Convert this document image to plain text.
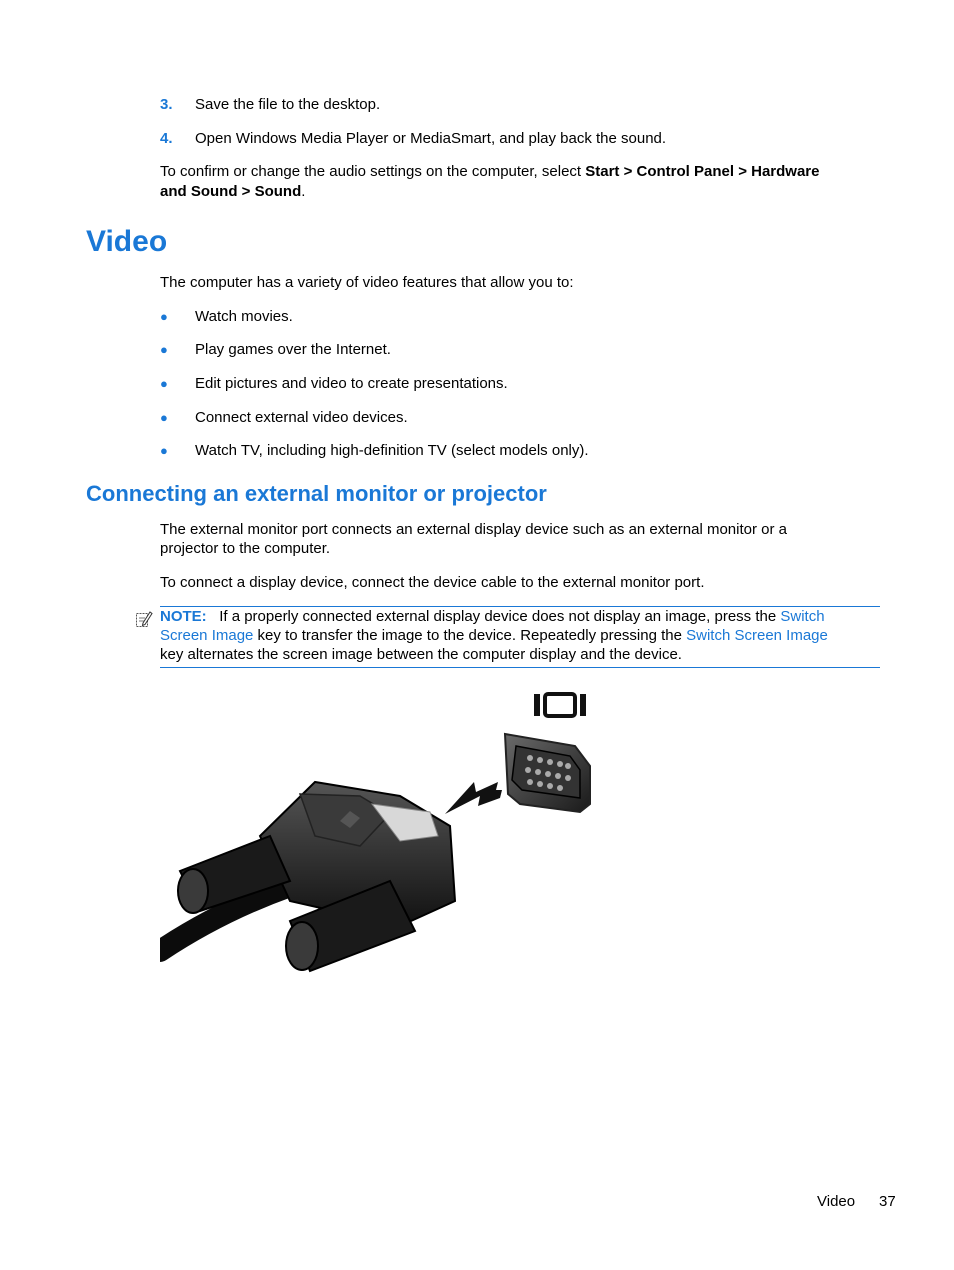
3. Save the file to the desktop.
4. Open Windows Media Player or MediaSmart, and play back the sound.
To confirm or change the audio settings on the computer, select Start > Control Panel > Hardware
and Sound > Sound.
Video
The computer has a variety of video features that allow you to:
● Watch movies.
● Play games over the Internet.
● Edit pictures and video to create presentations.
● Connect external video devices.
● Watch TV, including high-definition TV (select models only).
Connecting an external monitor or projector
The external monitor port connects an external display device such as an external monitor or a
projector to the computer.
To connect a display device, connect the device cable to the external monitor port.
NOTE: If a properly connected external display device does not display an image, press the Switch
Screen Image key to transfer the image to the device. Repeatedly pressing the Switch Screen Image
key alternates the screen image between the computer display and the device.
Video 37
